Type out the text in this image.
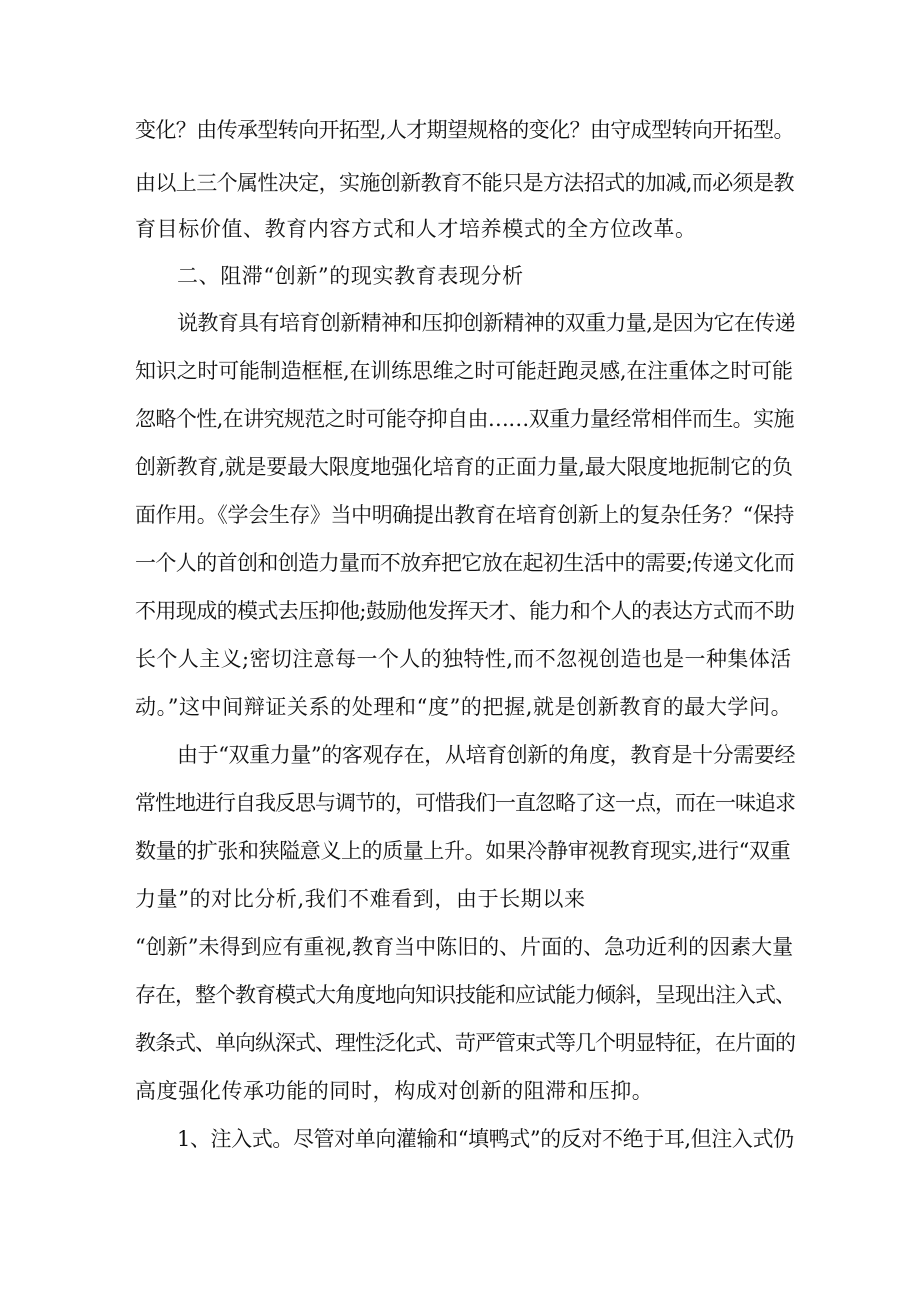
变化？由传承型转向开拓型,人才期望规格的变化？由守成型转向开拓型。
由以上三个属性决定，实施创新教育不能只是方法招式的加减,而必须是教
育目标价值、教育内容方式和人才培养模式的全方位改革。
二、阻滞“创新”的现实教育表现分析
说教育具有培育创新精神和压抑创新精神的双重力量,是因为它在传递
知识之时可能制造框框,在训练思维之时可能赶跑灵感,在注重体之时可能
忽略个性,在讲究规范之时可能夺抑自由……双重力量经常相伴而生。实施
创新教育,就是要最大限度地强化培育的正面力量,最大限度地扼制它的负
面作用。《学会生存》当中明确提出教育在培育创新上的复杂任务？“保持
一个人的首创和创造力量而不放弃把它放在起初生活中的需要;传递文化而
不用现成的模式去压抑他;鼓励他发挥天才、能力和个人的表达方式而不助
长个人主义;密切注意每一个人的独特性,而不忽视创造也是一种集体活
动。”这中间辩证关系的处理和“度”的把握,就是创新教育的最大学问。
由于“双重力量”的客观存在，从培育创新的角度，教育是十分需要经
常性地进行自我反思与调节的，可惜我们一直忽略了这一点，而在一味追求
数量的扩张和狭隘意义上的质量上升。如果冷静审视教育现实,进行“双重
力量”的对比分析,我们不难看到，由于长期以来
“创新”未得到应有重视,教育当中陈旧的、片面的、急功近利的因素大量
存在，整个教育模式大角度地向知识技能和应试能力倾斜，呈现出注入式、
教条式、单向纵深式、理性泛化式、苛严管束式等几个明显特征，在片面的
高度强化传承功能的同时，构成对创新的阻滞和压抑。
1、注入式。尽管对单向灌输和“填鸭式”的反对不绝于耳,但注入式仍
